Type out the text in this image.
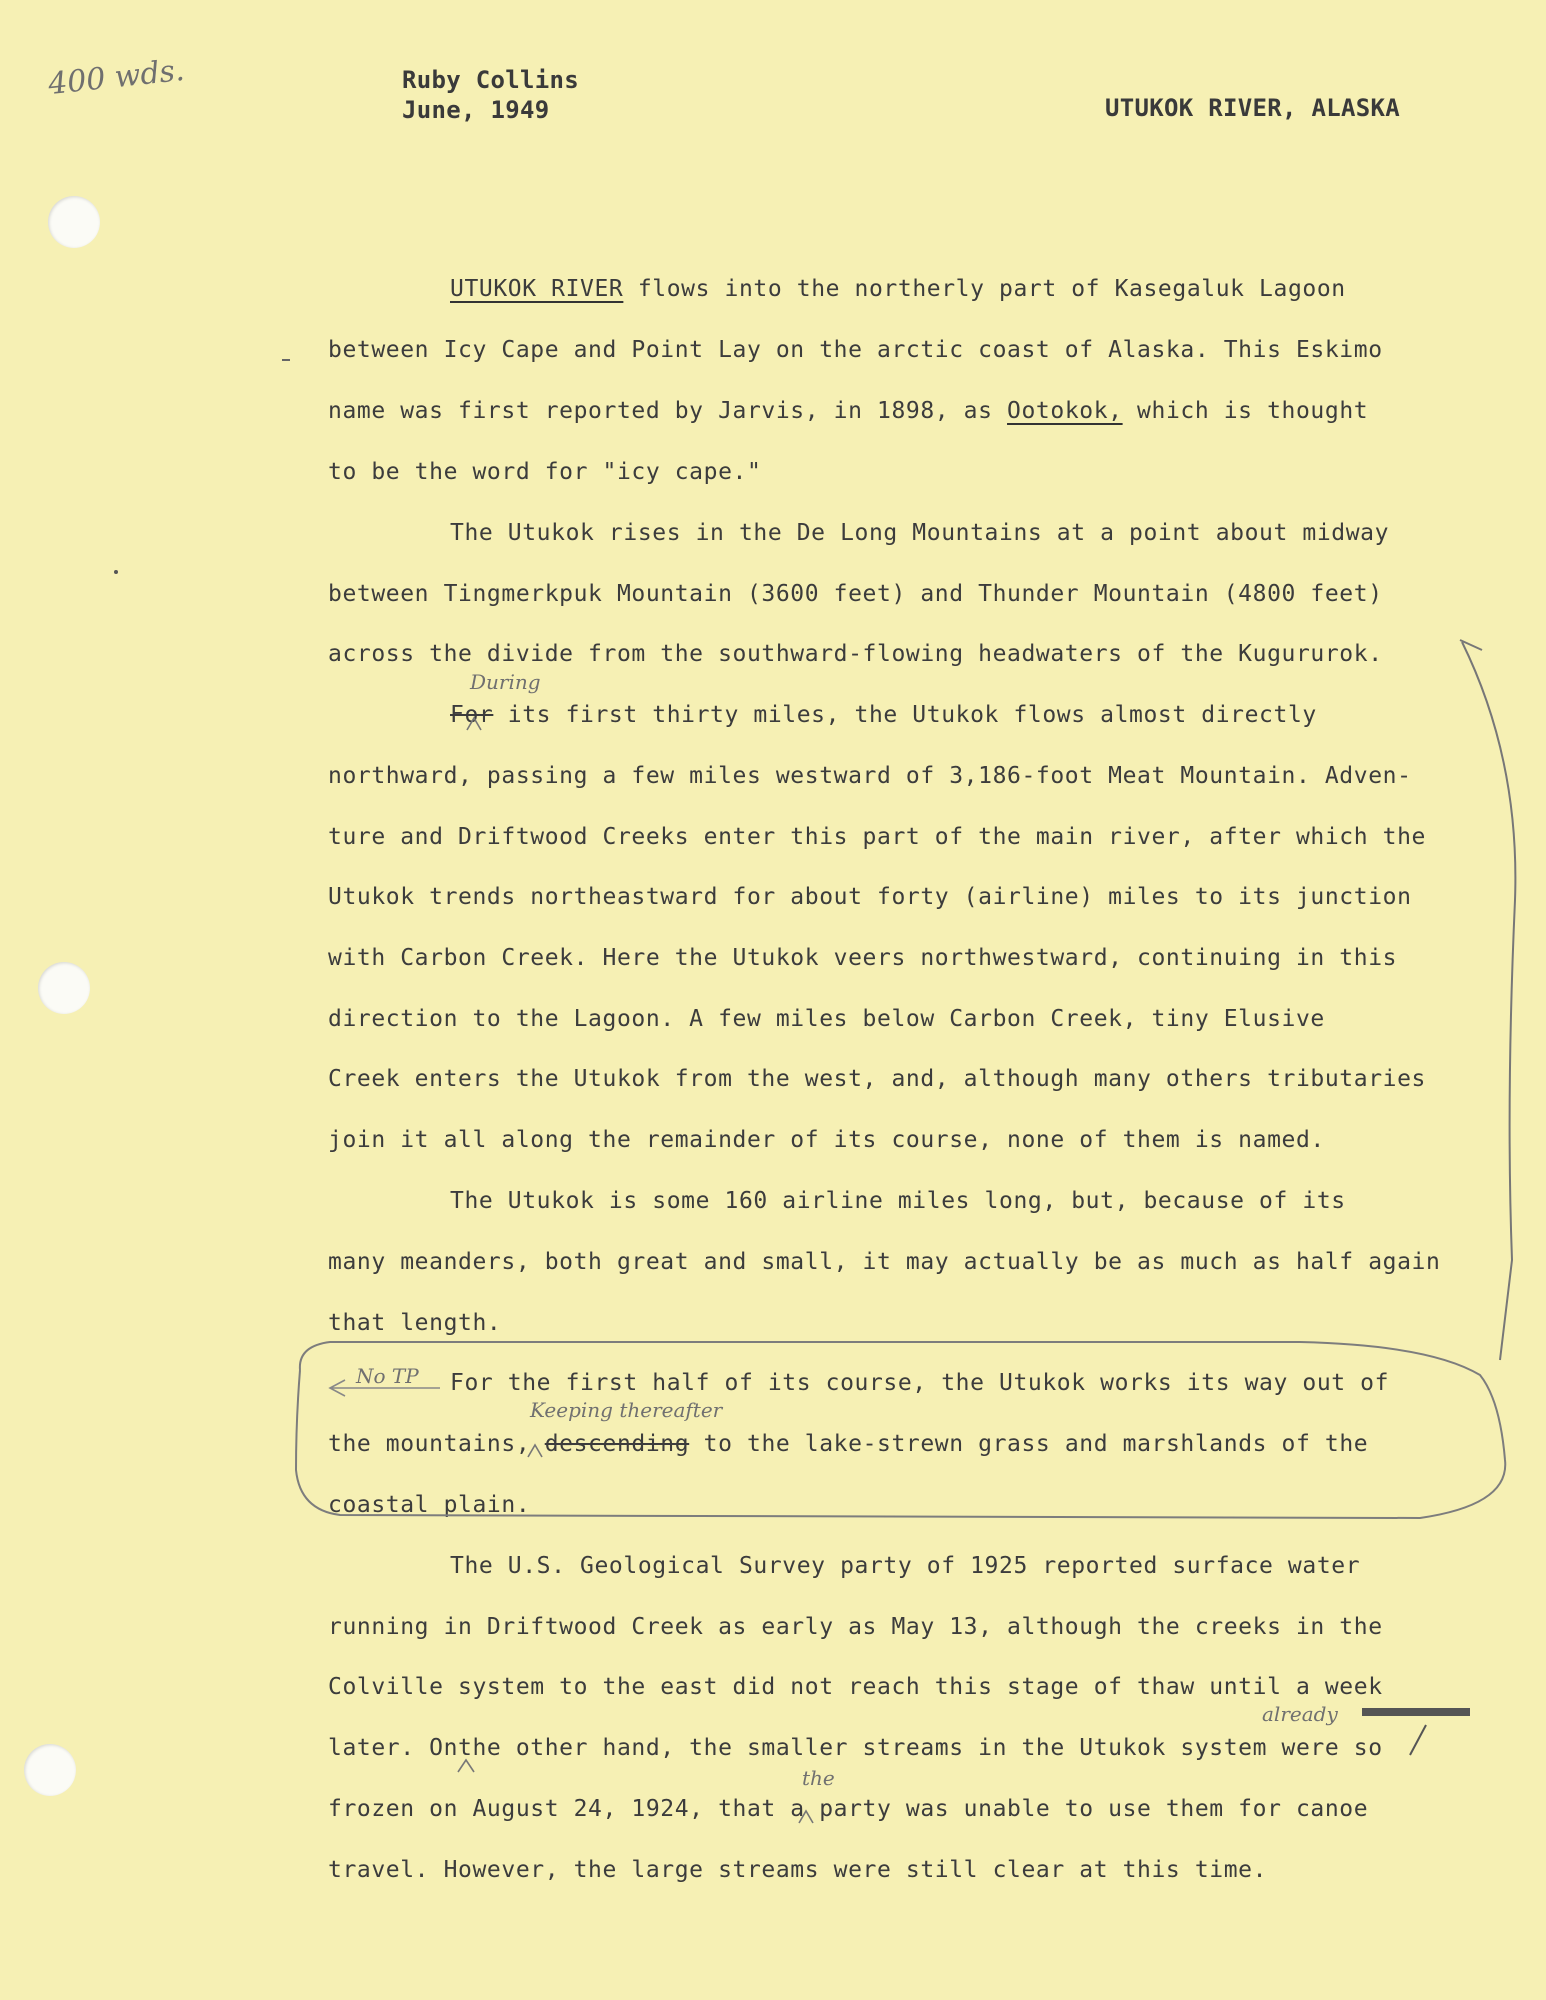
400 wds.	Ruby Collins
June, 1949	UTUKOK RIVER, ALASKA
UTUKOK RIVER flows into the northerly part of Kasegaluk Lagoon
between Icy Cape and Point Lay on the arctic coast of Alaska. This Eskimo
name was first reported by Jarvis, in 1898, as Ootokok, which is thought
to be the word for "icy cape."
The Utukok rises in the De Long Mountains at a point about midway
between Tingmerkpuk Mountain (3600 feet) and Thunder Mountain (4800 feet)
across the divide from the southward-flowing headwaters of the Kugururok.
During
For its first thirty miles, the Utukok flows almost directly
northward, passing a few miles westward of 3,186-foot Meat Mountain. Adven-
ture and Driftwood Creeks enter this part of the main river, after which the
Utukok trends northeastward for about forty (airline) miles to its junction
with Carbon Creek. Here the Utukok veers northwestward, continuing in this
direction to the Lagoon. A few miles below Carbon Creek, tiny Elusive
Creek enters the Utukok from the west, and, although many others tributaries
join it all along the remainder of its course, none of them is named.
The Utukok is some 160 airline miles long, but, because of its
many meanders, both great and small, it may actually be as much as half again
that length.
No TP For the first half of its course, the Utukok works its way out of
Keeping thereafter
the mountains, descending to the lake-strewn grass and marshlands of the
coastal plain.
The U.S. Geological Survey party of 1925 reported surface water
running in Driftwood Creek as early as May 13, although the creeks in the
Colville system to the east did not reach this stage of thaw until a week
already
later. Onthe other hand, the smaller streams in the Utukok system were so
the
frozen on August 24, 1924, that a party was unable to use them for canoe
travel. However, the large streams were still clear at this time.
